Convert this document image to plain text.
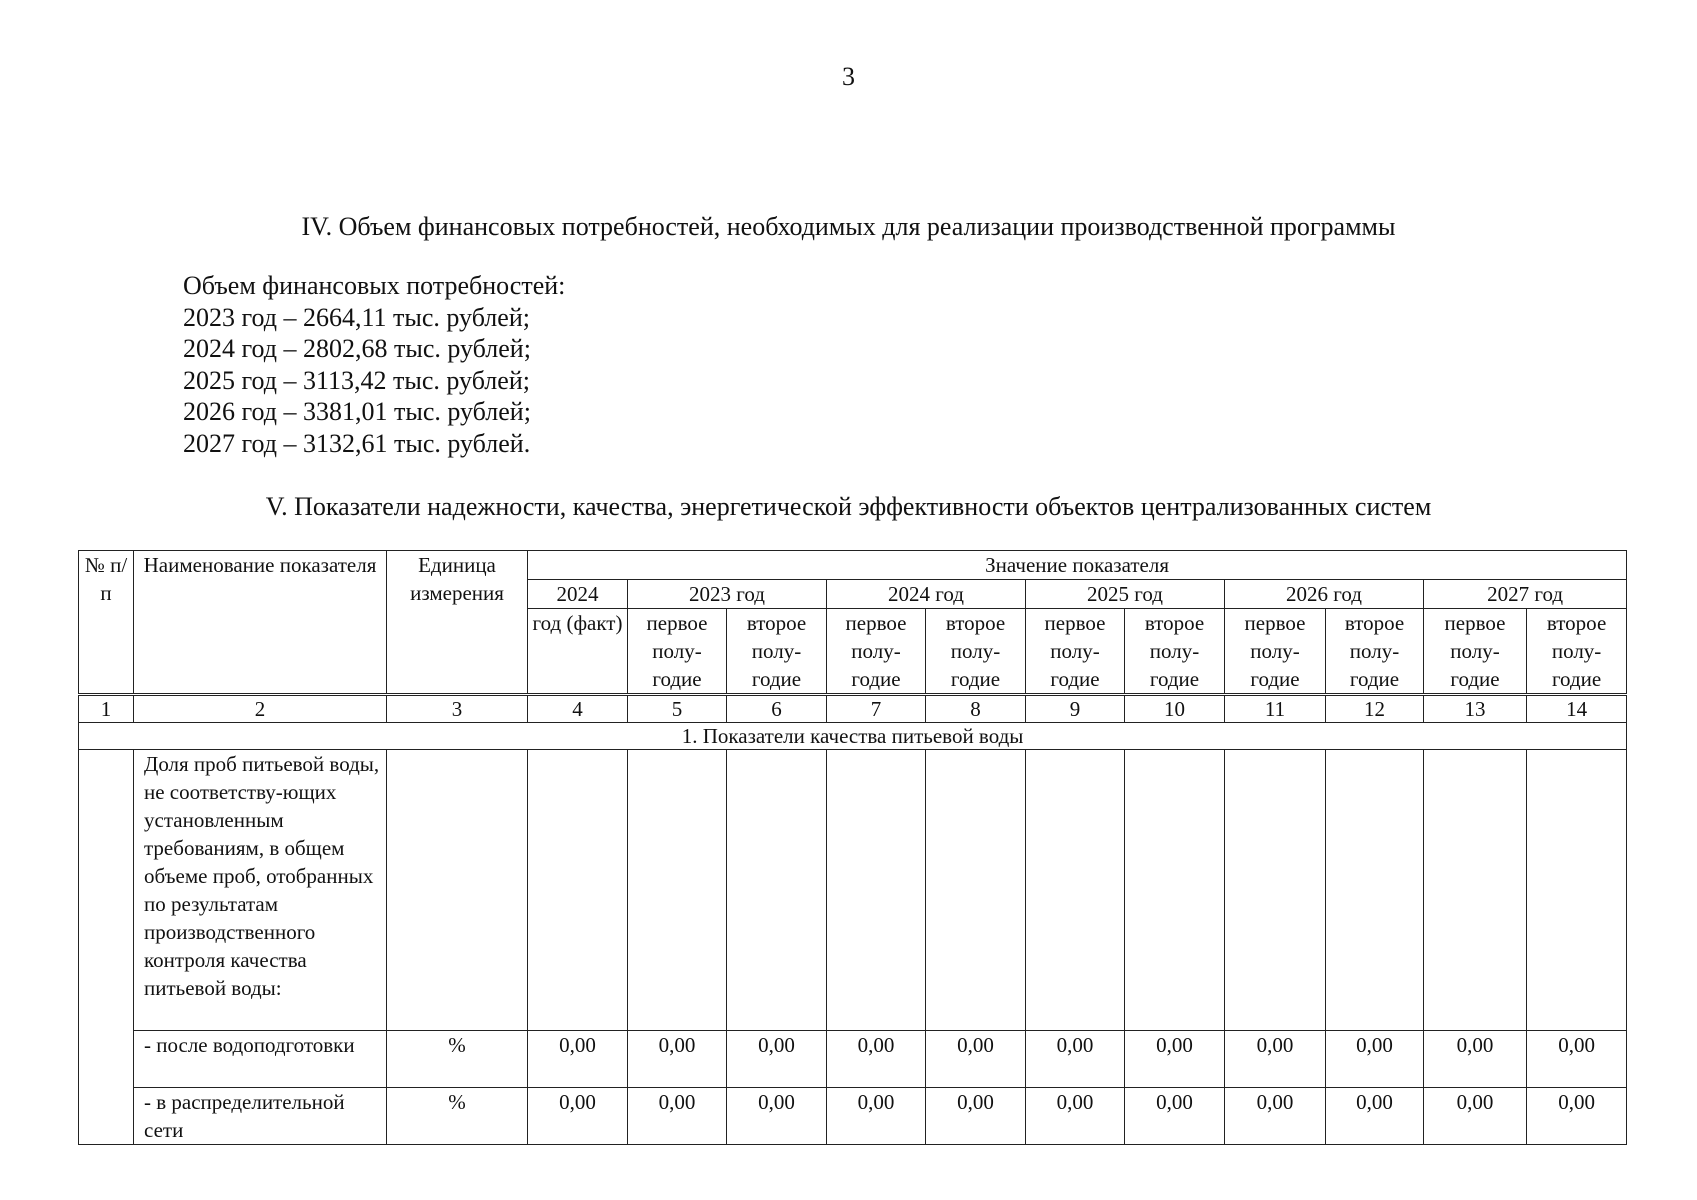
3
IV. Объем финансовых потребностей, необходимых для реализации производственной программы
Объем финансовых потребностей:
2023 год – 2664,11 тыс. рублей;
2024 год – 2802,68 тыс. рублей;
2025 год – 3113,42 тыс. рублей;
2026 год – 3381,01 тыс. рублей;
2027 год – 3132,61 тыс. рублей.
V. Показатели надежности, качества, энергетической эффективности объектов централизованных систем
№ п/п	Наименование показателя	Единица измерения	Значение показателя										
			2024	2023 год		2024 год		2025 год		2026 год		2027 год	
			год (факт)	первое полу-годие	второе полу-годие	первое полу-годие	второе полу-годие	первое полу-годие	второе полу-годие	первое полу-годие	второе полу-годие	первое полу-годие	второе полу-годие
1	2	3	4	5	6	7	8	9	10	11	12	13	14
1. Показатели качества питьевой воды													
	Доля проб питьевой воды, не соответству-ющих установленным требованиям, в общем объеме проб, отобранных по результатам производственного контроля качества питьевой воды:												
	- после водоподготовки	%	0,00	0,00	0,00	0,00	0,00	0,00	0,00	0,00	0,00	0,00	0,00
	- в распределительной сети	%	0,00	0,00	0,00	0,00	0,00	0,00	0,00	0,00	0,00	0,00	0,00
